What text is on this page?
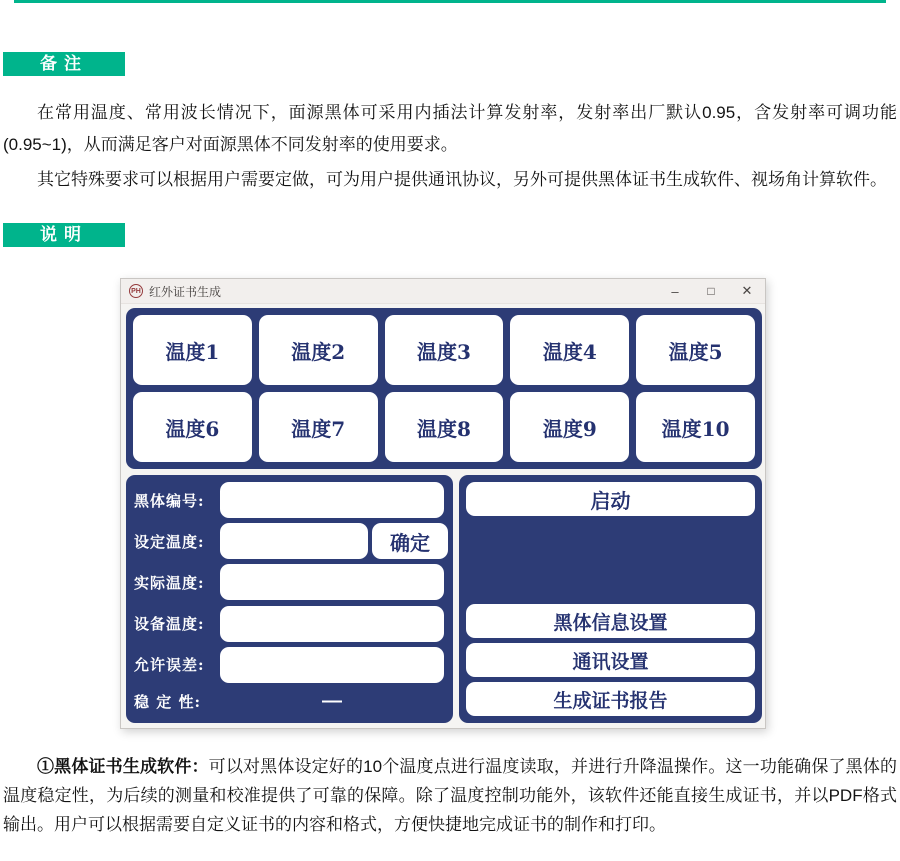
备注

在常用温度、常用波长情况下，面源黑体可采用内插法计算发射率，发射率出厂默认0.95，含发射率可调功能(0.95~1)，从而满足客户对面源黑体不同发射率的使用要求。

其它特殊要求可以根据用户需要定做，可为用户提供通讯协议，另外可提供黑体证书生成软件、视场角计算软件。

说明
PH 红外证书生成	–	□	✕
温度1	温度2	温度3	温度4	温度5
温度6	温度7	温度8	温度9	温度10
黑体编号:
设定温度:	确定
实际温度:
设备温度:
允许误差:
稳 定 性:	—
启动
黑体信息设置
通讯设置
生成证书报告

①黑体证书生成软件：可以对黑体设定好的10个温度点进行温度读取，并进行升降温操作。这一功能确保了黑体的温度稳定性，为后续的测量和校准提供了可靠的保障。除了温度控制功能外，该软件还能直接生成证书，并以PDF格式输出。用户可以根据需要自定义证书的内容和格式，方便快捷地完成证书的制作和打印。
